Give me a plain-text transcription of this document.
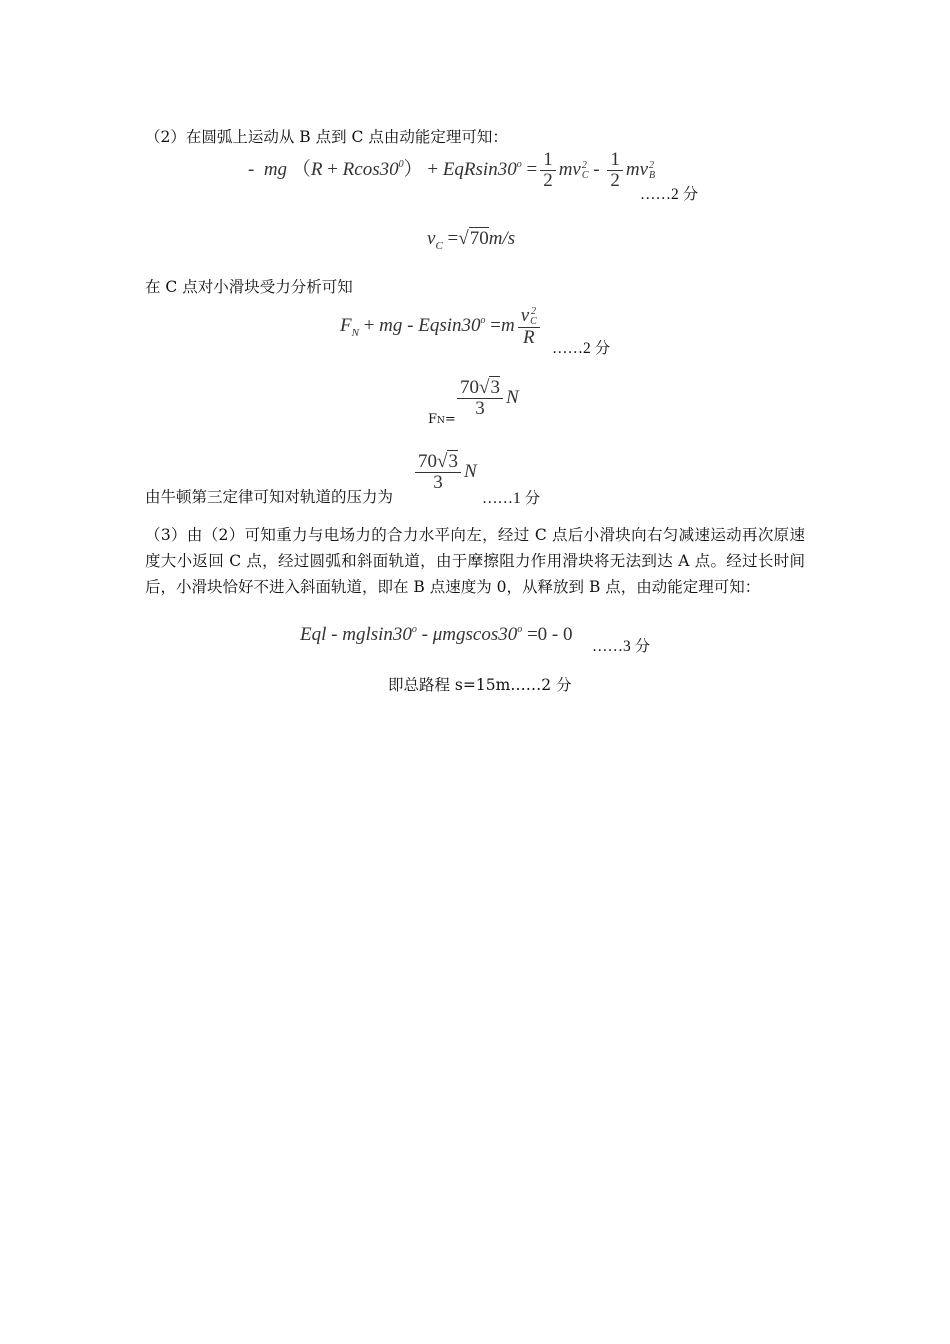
（2）在圆弧上运动从 B 点到 C 点由动能定理可知：
-  mg $(R + Rcos30^0) + EqRsin30^o = \frac{1}{2}$ mv 2
C - $\frac{1}{2}$ mv 2
B
……2 分
$v_C =√70m/s$
在 C 点对小滑块受力分析可知
$F_N$ + mg - $Eqsin30^o =m$ v 2
C
R
……2 分
FN=
$\frac{70√3}{3}$ N
由牛顿第三定律可知对轨道的压力为
$\frac{70√3}{3}$ N
……1 分
（3）由（2）可知重力与电场力的合力水平向左，经过 C 点后小滑块向右匀减速运动再次原速度大小返回 C 点，经过圆弧和斜面轨道，由于摩擦阻力作用滑块将无法到达 A 点。经过长时间后，小滑块恰好不进入斜面轨道，即在 B 点速度为 0，从释放到 B 点，由动能定理可知：
Eql - $mglsin30^o - \mu mgscos30^o =0 - 0$
……3 分
即总路程 s=15m……2 分
